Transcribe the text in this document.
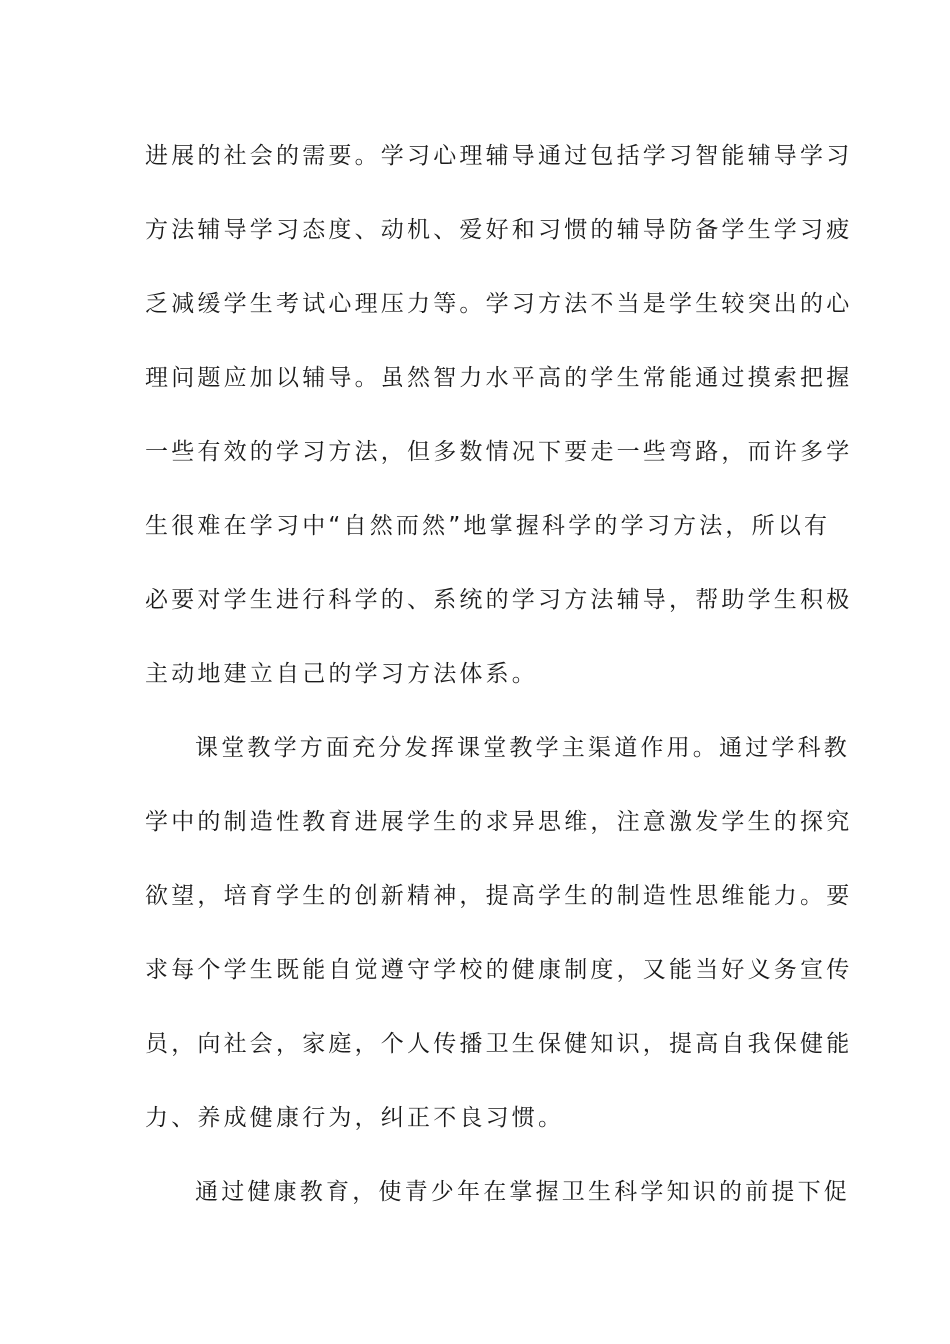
进展的社会的需要。学习心理辅导通过包括学习智能辅导学习
方法辅导学习态度、动机、爱好和习惯的辅导防备学生学习疲
乏减缓学生考试心理压力等。学习方法不当是学生较突出的心
理问题应加以辅导。虽然智力水平高的学生常能通过摸索把握
一些有效的学习方法，但多数情况下要走一些弯路，而许多学
生很难在学习中“自然而然”地掌握科学的学习方法，所以有
必要对学生进行科学的、系统的学习方法辅导，帮助学生积极
主动地建立自己的学习方法体系。
课堂教学方面充分发挥课堂教学主渠道作用。通过学科教
学中的制造性教育进展学生的求异思维，注意激发学生的探究
欲望，培育学生的创新精神，提高学生的制造性思维能力。要
求每个学生既能自觉遵守学校的健康制度，又能当好义务宣传
员，向社会，家庭，个人传播卫生保健知识，提高自我保健能
力、养成健康行为，纠正不良习惯。
通过健康教育，使青少年在掌握卫生科学知识的前提下促
